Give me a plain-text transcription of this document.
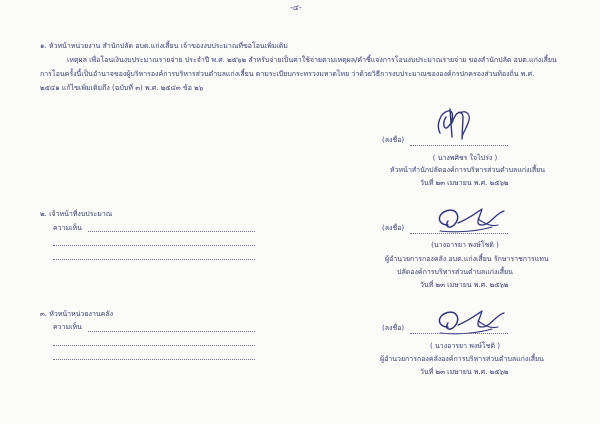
-๔-
๑. หัวหน้าหน่วยงาน สำนักปลัด อบต.แก่งเสี้ยน เจ้าของงบประมาณที่ขอโอนเพิ่มเติม
เหตุผล เพื่อโอนเงินงบประมาณรายจ่าย ประจำปี พ.ศ. ๒๕๖๒ สำหรับจ่ายเป็นค่าใช้จ่ายตามเหตุผล/คำชี้แจงการโอนงบประมาณรายจ่าย ของสำนักปลัด อบต.แก่งเสี้ยน
การโอนครั้งนี้เป็นอำนาจของผู้บริหารองค์การบริหารส่วนตำบลแก่งเสี้ยน ตามระเบียบกระทรวงมหาดไทย ว่าด้วยวิธีการงบประมาณขององค์กรปกครองส่วนท้องถิ่น พ.ศ.
๒๕๔๑ แก้ไขเพิ่มเติมถึง (ฉบับที่ ๓) พ.ศ. ๒๕๔๓ ข้อ ๒๖
(ลงชื่อ)
( นางพศิชร ใจไปร่ง )
หัวหน้าสำนักปลัดองค์การบริหารส่วนตำบลแก่งเสี้ยน
วันที่ ๒๓ เมษายน พ.ศ. ๒๕๖๒
๒. เจ้าหน้าที่งบประมาณ
ความเห็น	(ลงชื่อ)
(นางอารยา พงษ์โชติ )
ผู้อำนวยการกองคลัง อบต.แก่งเสี้ยน รักษาราชการแทน
ปลัดองค์การบริหารส่วนตำบลแก่งเสี้ยน
วันที่ ๒๓ เมษายน พ.ศ. ๒๕๖๒
๓. หัวหน้าหน่วยงานคลัง
ความเห็น	(ลงชื่อ)
( นางอารยา พงษ์โชติ )
ผู้อำนวยการกองคลังองค์การบริหารส่วนตำบลแก่งเสี้ยน
วันที่ ๒๓ เมษายน พ.ศ. ๒๕๖๒
